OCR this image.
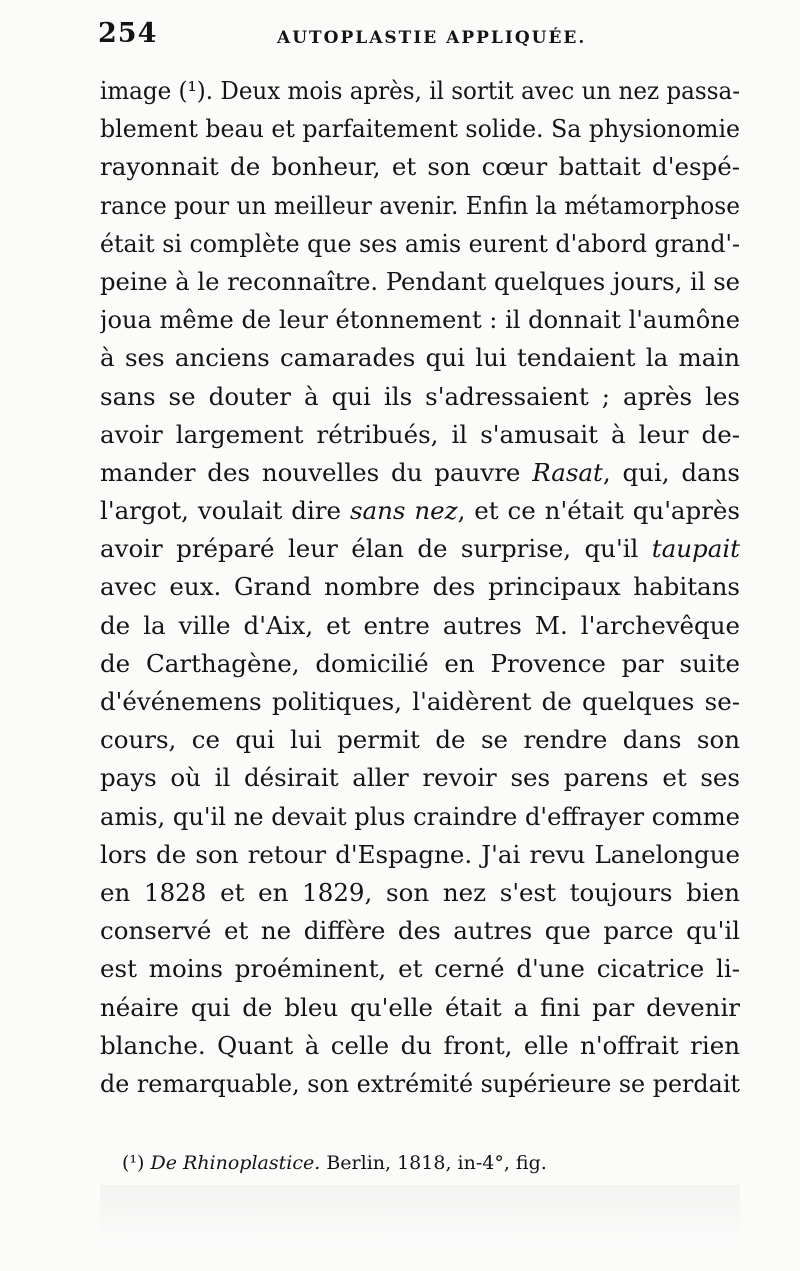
254	AUTOPLASTIE APPLIQUÉE.
image (¹). Deux mois après, il sortit avec un nez passa-
blement beau et parfaitement solide. Sa physionomie
rayonnait de bonheur, et son cœur battait d'espé-
rance pour un meilleur avenir. Enfin la métamorphose
était si complète que ses amis eurent d'abord grand'-
peine à le reconnaître. Pendant quelques jours, il se
joua même de leur étonnement : il donnait l'aumône
à ses anciens camarades qui lui tendaient la main
sans se douter à qui ils s'adressaient ; après les
avoir largement rétribués, il s'amusait à leur de-
mander des nouvelles du pauvre Rasat, qui, dans
l'argot, voulait dire sans nez, et ce n'était qu'après
avoir préparé leur élan de surprise, qu'il taupait
avec eux. Grand nombre des principaux habitans
de la ville d'Aix, et entre autres M. l'archevêque
de Carthagène, domicilié en Provence par suite
d'événemens politiques, l'aidèrent de quelques se-
cours, ce qui lui permit de se rendre dans son
pays où il désirait aller revoir ses parens et ses
amis, qu'il ne devait plus craindre d'effrayer comme
lors de son retour d'Espagne. J'ai revu Lanelongue
en 1828 et en 1829, son nez s'est toujours bien
conservé et ne diffère des autres que parce qu'il
est moins proéminent, et cerné d'une cicatrice li-
néaire qui de bleu qu'elle était a fini par devenir
blanche. Quant à celle du front, elle n'offrait rien
de remarquable, son extrémité supérieure se perdait
(¹) De Rhinoplastice. Berlin, 1818, in-4°, fig.
